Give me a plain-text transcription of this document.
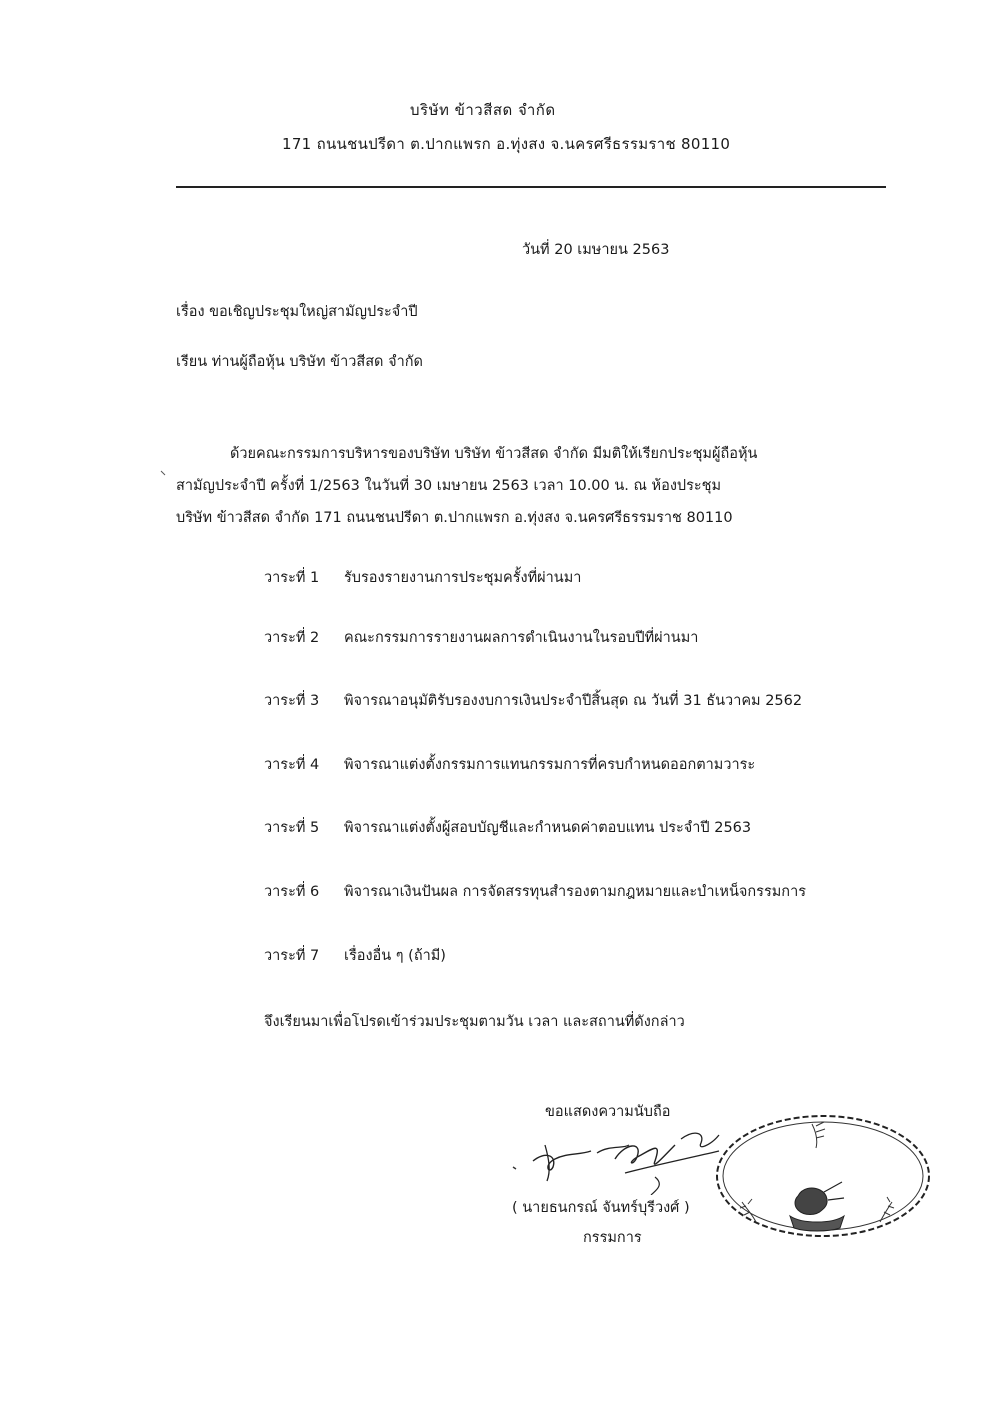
บริษัท ข้าวสีสด จำกัด
171 ถนนชนปรีดา ต.ปากแพรก อ.ทุ่งสง จ.นครศรีธรรมราช 80110
วันที่ 20 เมษายน 2563
เรื่อง ขอเชิญประชุมใหญ่สามัญประจำปี
เรียน ท่านผู้ถือหุ้น บริษัท ข้าวสีสด จำกัด
ด้วยคณะกรรมการบริหารของบริษัท บริษัท ข้าวสีสด จำกัด มีมติให้เรียกประชุมผู้ถือหุ้น
สามัญประจำปี ครั้งที่ 1/2563 ในวันที่ 30 เมษายน 2563 เวลา 10.00 น. ณ ห้องประชุม
บริษัท ข้าวสีสด จำกัด 171 ถนนชนปรีดา ต.ปากแพรก อ.ทุ่งสง จ.นครศรีธรรมราช 80110
วาระที่ 1 รับรองรายงานการประชุมครั้งที่ผ่านมา
วาระที่ 2 คณะกรรมการรายงานผลการดำเนินงานในรอบปีที่ผ่านมา
วาระที่ 3 พิจารณาอนุมัติรับรองงบการเงินประจำปีสิ้นสุด ณ วันที่ 31 ธันวาคม 2562
วาระที่ 4 พิจารณาแต่งตั้งกรรมการแทนกรรมการที่ครบกำหนดออกตามวาระ
วาระที่ 5 พิจารณาแต่งตั้งผู้สอบบัญชีและกำหนดค่าตอบแทน ประจำปี 2563
วาระที่ 6 พิจารณาเงินปันผล การจัดสรรทุนสำรองตามกฎหมายและบำเหน็จกรรมการ
วาระที่ 7 เรื่องอื่น ๆ (ถ้ามี)
จึงเรียนมาเพื่อโปรดเข้าร่วมประชุมตามวัน เวลา และสถานที่ดังกล่าว
ขอแสดงความนับถือ
( นายธนกรณ์ จันทร์บุรีวงศ์ )
กรรมการ
